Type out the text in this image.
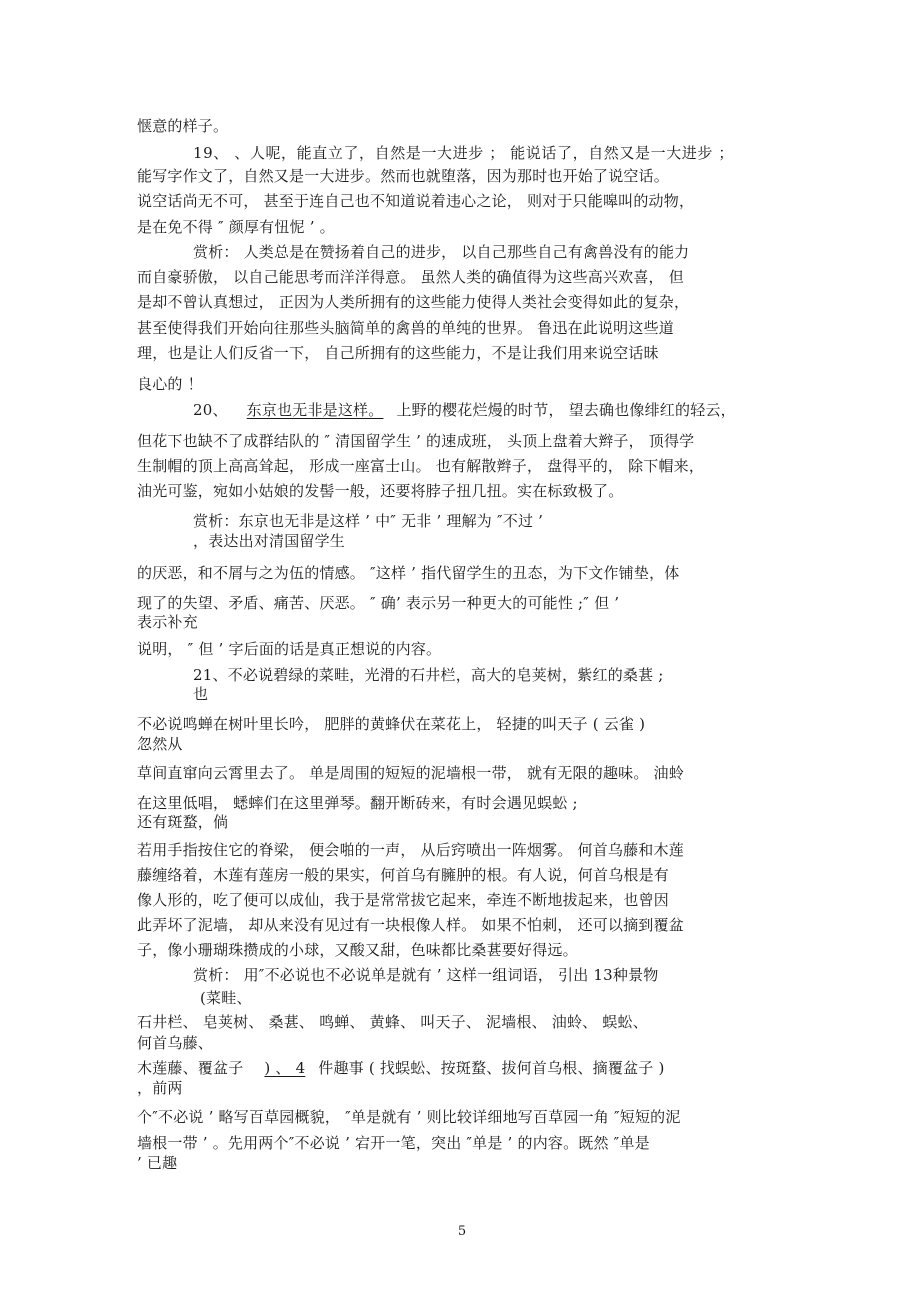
惬意的样子。
19、 、人呢，能直立了，自然是一大进步 ； 能说话了，自然又是一大进步 ；
能写字作文了，自然又是一大进步。然而也就堕落，因为那时也开始了说空话。
说空话尚无不可， 甚至于连自己也不知道说着违心之论， 则对于只能嗥叫的动物，
是在免不得 ″ 颜厚有忸怩 ’ 。
赏析： 人类总是在赞扬着自己的进步， 以自己那些自己有禽兽没有的能力
而自豪骄傲， 以自己能思考而洋洋得意。 虽然人类的确值得为这些高兴欢喜， 但
是却不曾认真想过， 正因为人类所拥有的这些能力使得人类社会变得如此的复杂，
甚至使得我们开始向往那些头脑简单的禽兽的单纯的世界。 鲁迅在此说明这些道
理，也是让人们反省一下， 自己所拥有的这些能力，不是让我们用来说空话昧
良心的 ！
20、 东京也无非是这样。 上野的樱花烂熳的时节， 望去确也像绯红的轻云，
但花下也缺不了成群结队的 ″ 清国留学生 ’ 的速成班， 头顶上盘着大辫子， 顶得学
生制帽的顶上高高耸起， 形成一座富士山。 也有解散辫子， 盘得平的， 除下帽来，
油光可鉴，宛如小姑娘的发髻一般，还要将脖子扭几扭。实在标致极了。
赏析：东京也无非是这样 ’ 中″ 无非 ’ 理解为 ″不过 ’
，表达出对清国留学生
的厌恶，和不屑与之为伍的情感。 ″这样 ’ 指代留学生的丑态，为下文作铺垫，体
现了的失望、矛盾、痛苦、厌恶。 ″ 确’ 表示另一种更大的可能性 ;″ 但 ’
表示补充
说明， ″ 但 ’ 字后面的话是真正想说的内容。
21、不必说碧绿的菜畦，光滑的石井栏，高大的皂荚树，紫红的桑葚 ;
也
不必说鸣蝉在树叶里长吟， 肥胖的黄蜂伏在菜花上， 轻捷的叫天子 ( 云雀 )
忽然从
草间直窜向云霄里去了。 单是周围的短短的泥墙根一带， 就有无限的趣味。 油蛉
在这里低唱， 蟋蟀们在这里弹琴。翻开断砖来，有时会遇见蜈蚣 ;
还有斑蝥，倘
若用手指按住它的脊梁， 便会啪的一声， 从后窍喷出一阵烟雾。 何首乌藤和木莲
藤缠络着，木莲有莲房一般的果实，何首乌有臃肿的根。有人说，何首乌根是有
像人形的，吃了便可以成仙，我于是常常拔它起来，牵连不断地拔起来，也曾因
此弄坏了泥墙， 却从来没有见过有一块根像人样。 如果不怕刺， 还可以摘到覆盆
子，像小珊瑚珠攒成的小球，又酸又甜，色味都比桑葚要好得远。
赏析： 用″不必说也不必说单是就有 ’ 这样一组词语， 引出 13种景物
(菜畦、
石井栏、 皂荚树、 桑葚、 鸣蝉、 黄蜂、 叫天子、 泥墙根、 油蛉、 蜈蚣、
何首乌藤、
木莲藤、覆盆子 ) 、 4 件趣事 ( 找蜈蚣、按斑蝥、拔何首乌根、摘覆盆子 )
，前两
个″不必说 ’ 略写百草园概貌， ″单是就有 ’ 则比较详细地写百草园一角 ″短短的泥
墙根一带 ’ 。先用两个″不必说 ’ 宕开一笔，突出 ″单是 ’ 的内容。既然 ″单是
’ 已趣
5
